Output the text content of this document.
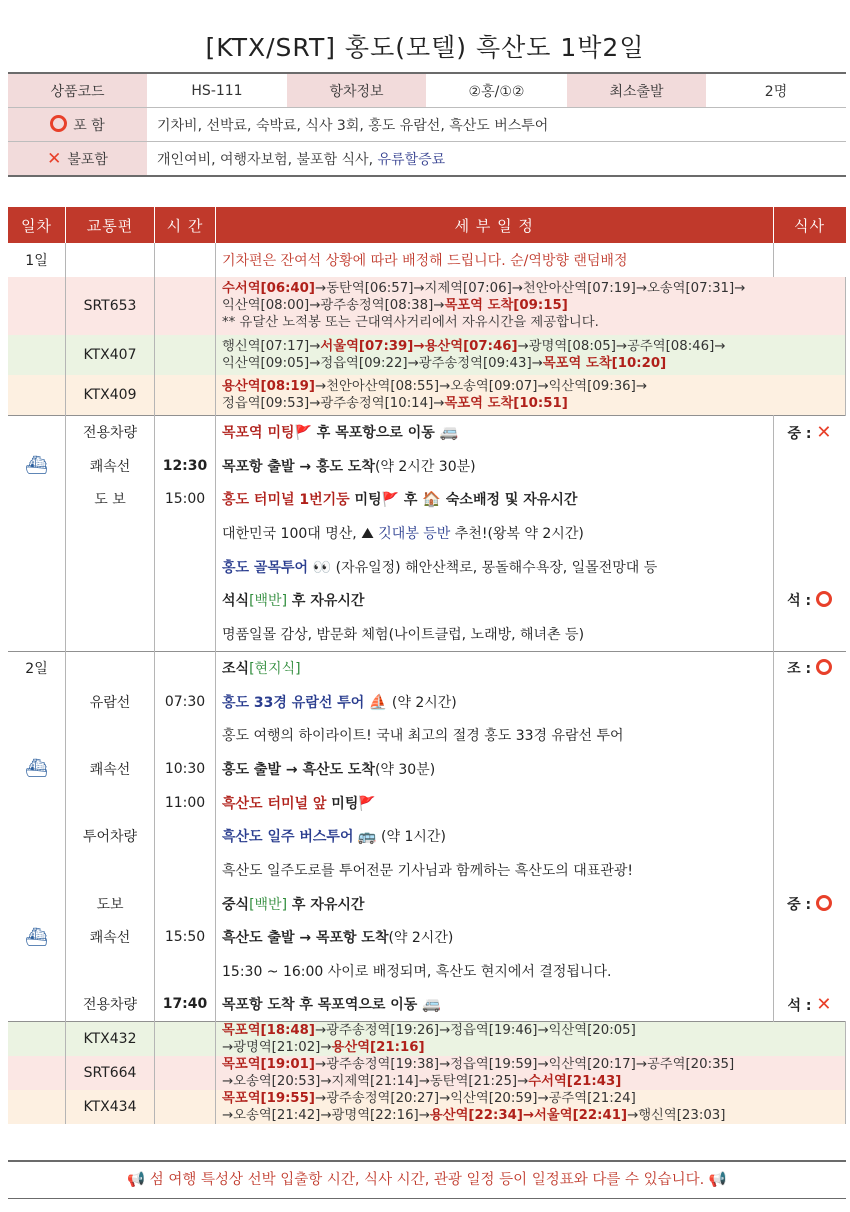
[KTX/SRT] 홍도(모텔) 흑산도 1박2일
상품코드	HS-111	항차정보	②홍/①②	최소출발	2명
포 함	기차비, 선박료, 숙박료, 식사 3회, 홍도 유람선, 흑산도 버스투어				
✕ 불포함	개인여비, 여행자보험, 불포함 식사, 유류할증료				
일차	교통편	시 간	세 부 일 정	식사
1일			기차편은 잔여석 상황에 따라 배정해 드립니다. 순/역방향 랜덤배정	
	SRT653		수서역[06:40]→동탄역[06:57]→지제역[07:06]→천안아산역[07:19]→오송역[07:31]→
익산역[08:00]→광주송정역[08:38]→목포역 도착[09:15]
** 유달산 노적봉 또는 근대역사거리에서 자유시간을 제공합니다.	

	KTX407		행신역[07:17]→서울역[07:39]→용산역[07:46]→광명역[08:05]→공주역[08:46]→
익산역[09:05]→정읍역[09:22]→광주송정역[09:43]→목포역 도착[10:20]	

	KTX409		용산역[08:19]→천안아산역[08:55]→오송역[09:07]→익산역[09:36]→
정읍역[09:53]→광주송정역[10:14]→목포역 도착[10:51]	

	전용차량		목포역 미팅🚩 후 목포항으로 이동 🚐	중 : ✕
⛴	쾌속선	12:30	목포항 출발 → 홍도 도착(약 2시간 30분)	
	도 보	15:00	홍도 터미널 1번기둥 미팅🚩 후 🏠 숙소배정 및 자유시간	
			대한민국 100대 명산, ⛰ 깃대봉 등반 추천!(왕복 약 2시간)	
			홍도 골목투어 👀 (자유일정) 해안산책로, 몽돌해수욕장, 일몰전망대 등	
			석식[백반] 후 자유시간	석 :
			명품일몰 감상, 밤문화 체험(나이트클럽, 노래방, 해녀촌 등)	
2일			조식[현지식]	조 :
	유람선	07:30	홍도 33경 유람선 투어 ⛵ (약 2시간)	
			홍도 여행의 하이라이트! 국내 최고의 절경 홍도 33경 유람선 투어	
⛴	쾌속선	10:30	홍도 출발 → 흑산도 도착(약 30분)	
		11:00	흑산도 터미널 앞 미팅🚩	
	투어차량		흑산도 일주 버스투어 🚌 (약 1시간)	
			흑산도 일주도로를 투어전문 기사님과 함께하는 흑산도의 대표관광!	
	도보		중식[백반] 후 자유시간	중 :
⛴	쾌속선	15:50	흑산도 출발 → 목포항 도착(약 2시간)	
			15:30 ~ 16:00 사이로 배정되며, 흑산도 현지에서 결정됩니다.	
	전용차량	17:40	목포항 도착 후 목포역으로 이동 🚐	석 : ✕
	KTX432		목포역[18:48]→광주송정역[19:26]→정읍역[19:46]→익산역[20:05]
→광명역[21:02]→용산역[21:16]	

	SRT664		목포역[19:01]→광주송정역[19:38]→정읍역[19:59]→익산역[20:17]→공주역[20:35]
→오송역[20:53]→지제역[21:14]→동탄역[21:25]→수서역[21:43]	

	KTX434		목포역[19:55]→광주송정역[20:27]→익산역[20:59]→공주역[21:24]
→오송역[21:42]→광명역[22:16]→용산역[22:34]→서울역[22:41]→행신역[23:03]	
📢 섬 여행 특성상 선박 입출항 시간, 식사 시간, 관광 일정 등이 일정표와 다를 수 있습니다. 📢
